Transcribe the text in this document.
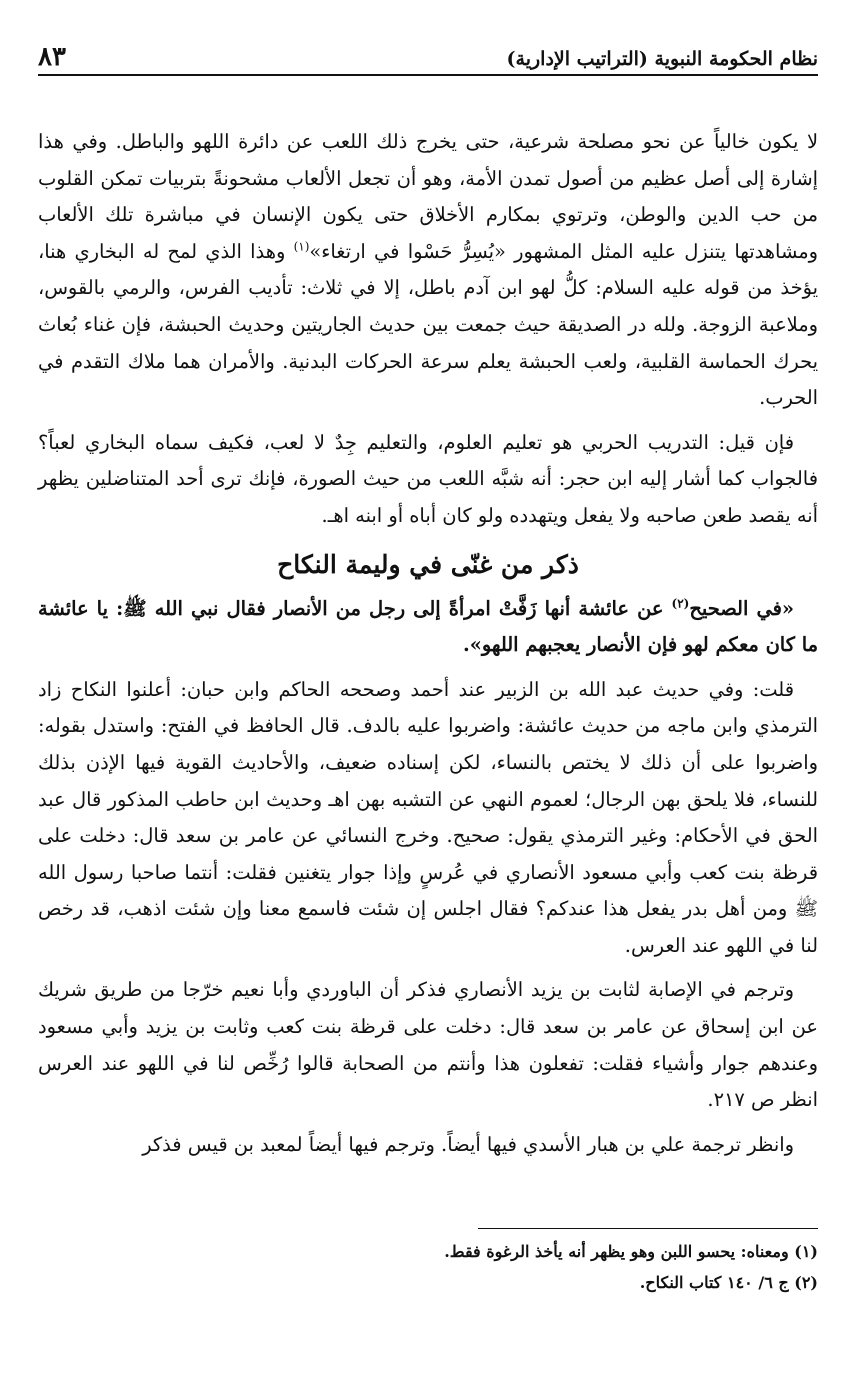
نظام الحكومة النبوية (التراتيب الإدارية)
٨٣

لا يكون خالياً عن نحو مصلحة شرعية، حتى يخرج ذلك اللعب عن دائرة اللهو والباطل. وفي هذا إشارة إلى أصل عظيم من أصول تمدن الأمة، وهو أن تجعل الألعاب مشحونةً بتربيات تمكن القلوب من حب الدين والوطن، وترتوي بمكارم الأخلاق حتى يكون الإنسان في مباشرة تلك الألعاب ومشاهدتها يتنزل عليه المثل المشهور «يُسِرُّ حَسْوا في ارتغاء»$^{(١)}$ وهذا الذي لمح له البخاري هنا، يؤخذ من قوله عليه السلام: كلُّ لهو ابن آدم باطل، إلا في ثلاث: تأديب الفرس، والرمي بالقوس، وملاعبة الزوجة. ولله در الصديقة حيث جمعت بين حديث الجاريتين وحديث الحبشة، فإن غناء بُعاث يحرك الحماسة القلبية، ولعب الحبشة يعلم سرعة الحركات البدنية. والأمران هما ملاك التقدم في الحرب.

فإن قيل: التدريب الحربي هو تعليم العلوم، والتعليم جِدٌ لا لعب، فكيف سماه البخاري لعباً؟ فالجواب كما أشار إليه ابن حجر: أنه شبَّه اللعب من حيث الصورة، فإنك ترى أحد المتناضلين يظهر أنه يقصد طعن صاحبه ولا يفعل ويتهدده ولو كان أباه أو ابنه اهـ.

ذكر من غنّى في وليمة النكاح

«في الصحيح$^{(٢)}$ عن عائشة أنها زَفَّتْ امرأةً إلى رجل من الأنصار فقال نبي الله ﷺ: يا عائشة ما كان معكم لهو فإن الأنصار يعجبهم اللهو».

قلت: وفي حديث عبد الله بن الزبير عند أحمد وصححه الحاكم وابن حبان: أعلنوا النكاح زاد الترمذي وابن ماجه من حديث عائشة: واضربوا عليه بالدف. قال الحافظ في الفتح: واستدل بقوله: واضربوا على أن ذلك لا يختص بالنساء، لكن إسناده ضعيف، والأحاديث القوية فيها الإذن بذلك للنساء، فلا يلحق بهن الرجال؛ لعموم النهي عن التشبه بهن اهـ وحديث ابن حاطب المذكور قال عبد الحق في الأحكام: وغير الترمذي يقول: صحيح. وخرج النسائي عن عامر بن سعد قال: دخلت على قرظة بنت كعب وأبي مسعود الأنصاري في عُرسٍ وإذا جوار يتغنين فقلت: أنتما صاحبا رسول الله ﷺ ومن أهل بدر يفعل هذا عندكم؟ فقال اجلس إن شئت فاسمع معنا وإن شئت اذهب، قد رخص لنا في اللهو عند العرس.

وترجم في الإصابة لثابت بن يزيد الأنصاري فذكر أن الباوردي وأبا نعيم خرّجا من طريق شريك عن ابن إسحاق عن عامر بن سعد قال: دخلت على قرظة بنت كعب وثابت بن يزيد وأبي مسعود وعندهم جوار وأشياء فقلت: تفعلون هذا وأنتم من الصحابة قالوا رُخِّص لنا في اللهو عند العرس انظر ص ٢١٧.

وانظر ترجمة علي بن هبار الأسدي فيها أيضاً. وترجم فيها أيضاً لمعبد بن قيس فذكر

(١) ومعناه: يحسو اللبن وهو يظهر أنه يأخذ الرغوة فقط.

(٢) ج ٦/ ١٤٠ كتاب النكاح.
